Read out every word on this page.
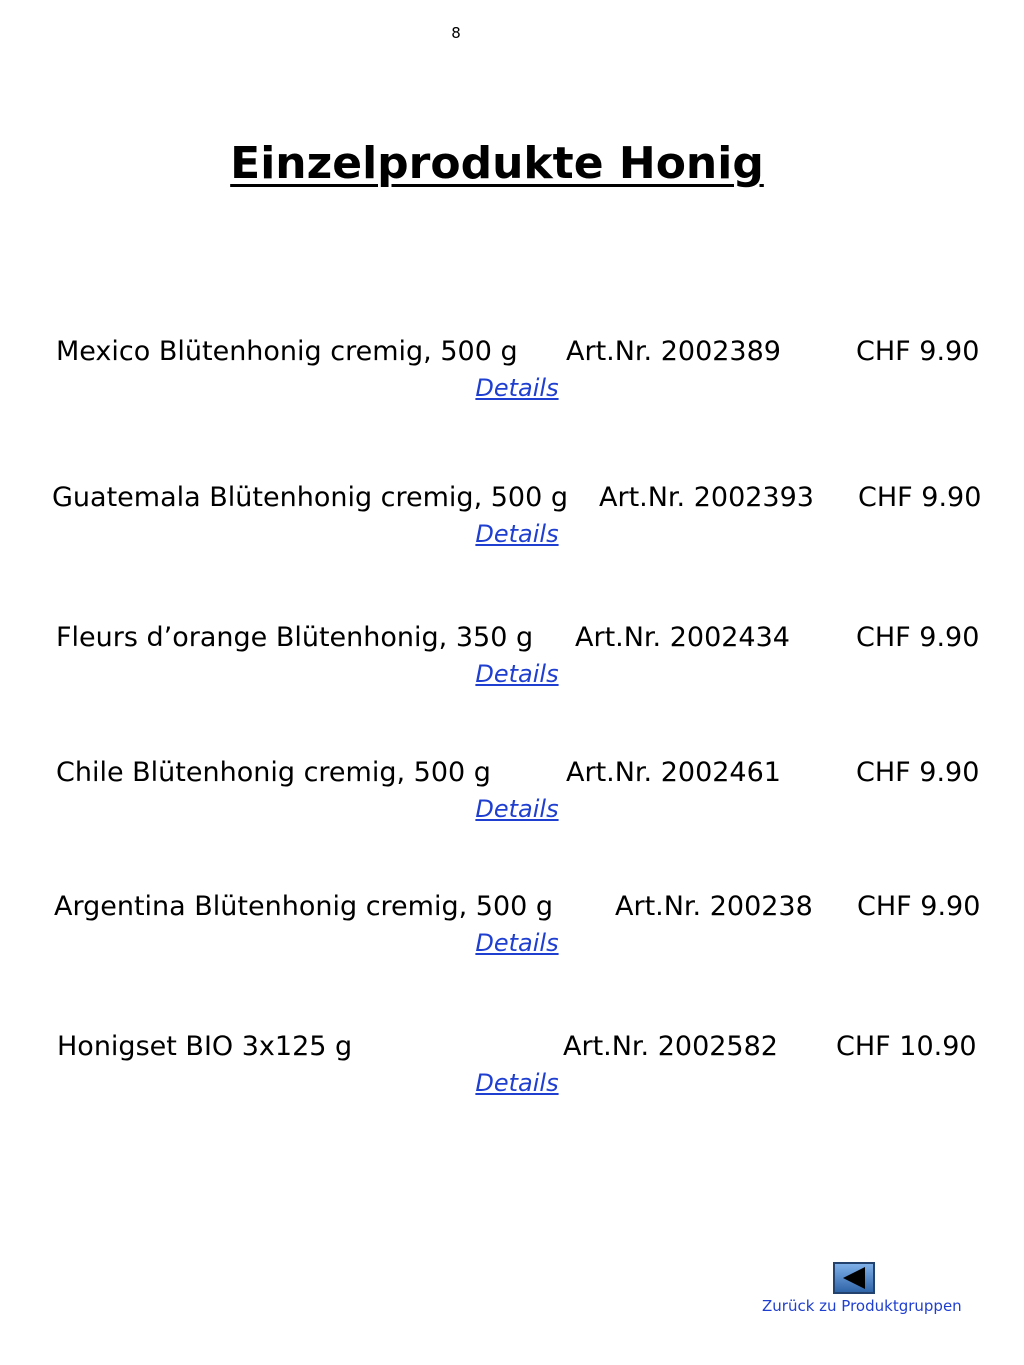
8
Einzelprodukte Honig
Mexico Blütenhonig cremig, 500 g Art.Nr. 2002389	CHF 9.90
Details
Guatemala Blütenhonig cremig, 500 g Art.Nr. 2002393 CHF 9.90
Details
Fleurs d’orange Blütenhonig, 350 g Art.Nr. 2002434 CHF 9.90
Details
Chile Blütenhonig cremig, 500 g	Art.Nr. 2002461	CHF 9.90
Details
Argentina Blütenhonig cremig, 500 g Art.Nr. 200238 CHF 9.90
Details
Honigset BIO 3x125 g	Art.Nr. 2002582 CHF 10.90
Details
Zurück zu Produktgruppen
